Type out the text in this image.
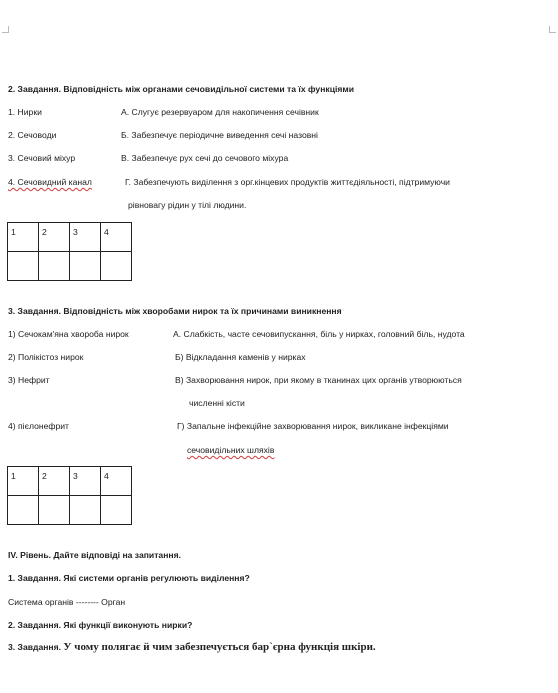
2. Завдання. Відповідність між органами сечовидільної системи та їх функціями
1. Нирки	А. Слугує резервуаром для накопичення сечівник
2. Сечоводи	Б. Забезпечує періодичне виведення сечі назовні
3. Сечовий міхур	В. Забезпечує рух сечі до сечового міхура
4. Сечовидний канал	Г. Забезпечують виділення з орг.кінцевих продуктів життєдіяльності, підтримуючи
рівновагу рідин у тілі людини.
1	2	3	4

3. Завдання. Відповідність між хворобами нирок та їх причинами виникнення
1) Сечокам'яна хвороба нирок	А. Слабкість, часте сечовипускання, біль у нирках, головний біль, нудота
2) Полікістоз нирок	Б) Відкладання каменів у нирках
3) Нефрит	В) Захворювання нирок, при якому в тканинах цих органів утворюються
численні кісти
4) пієлонефрит	Г) Запальне інфекційне захворювання нирок, викликане інфекціями
сечовидільних шляхів
1	2	3	4

IV. Рівень. Дайте відповіді на запитання.
1. Завдання. Які системи органів регулюють виділення?
Система органів -------- Орган
2. Завдання. Які функції виконують нирки?
3. Завдання. У чому полягає й чим забезпечується бар`єрна функція шкіри.
